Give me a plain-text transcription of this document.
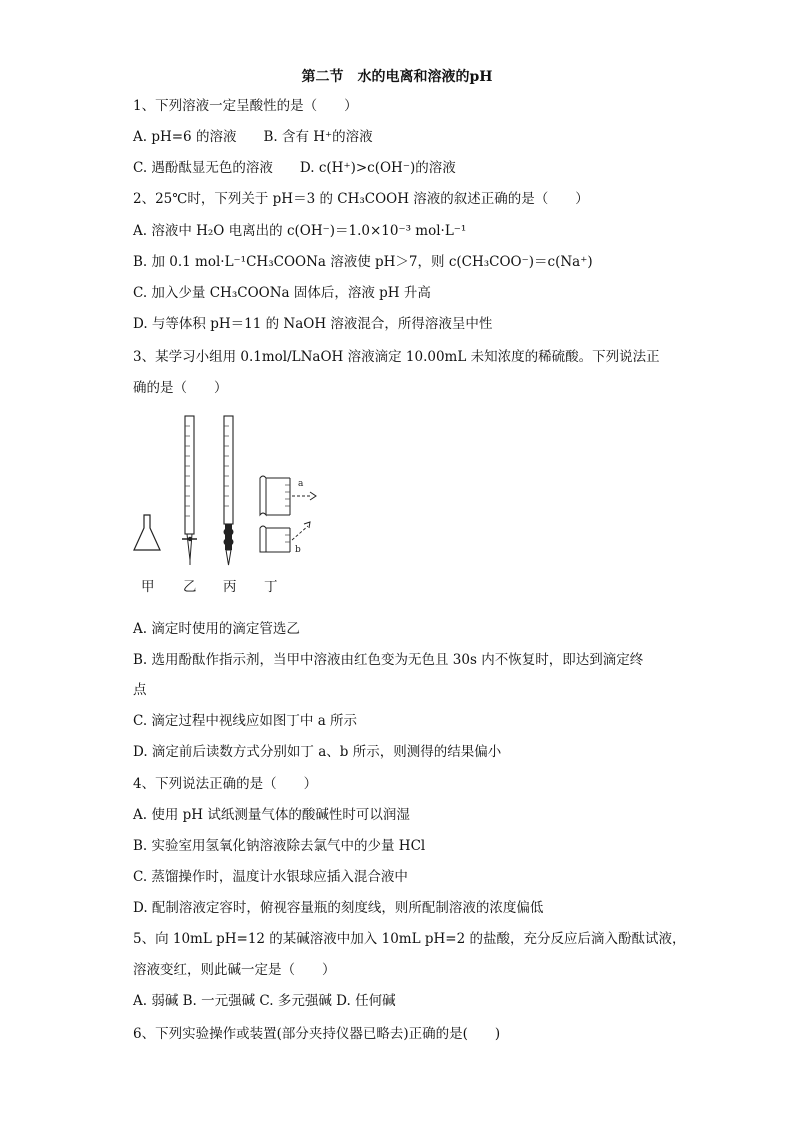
第二节　水的电离和溶液的pH
1、下列溶液一定呈酸性的是（　　）
A. pH=6 的溶液　　B. 含有 H⁺的溶液
C. 遇酚酞显无色的溶液　　D. c(H⁺)>c(OH⁻)的溶液
2、25℃时，下列关于 pH＝3 的 CH₃COOH 溶液的叙述正确的是（　　）
A. 溶液中 H₂O 电离出的 c(OH⁻)＝1.0×10⁻³ mol·L⁻¹
B. 加 0.1 mol·L⁻¹CH₃COONa 溶液使 pH＞7，则 c(CH₃COO⁻)＝c(Na⁺)
C. 加入少量 CH₃COONa 固体后，溶液 pH 升高
D. 与等体积 pH＝11 的 NaOH 溶液混合，所得溶液呈中性
3、某学习小组用 0.1mol/LNaOH 溶液滴定 10.00mL 未知浓度的稀硫酸。下列说法正
确的是（　　）
a
b
甲 乙 丙 丁
A. 滴定时使用的滴定管选乙
B. 选用酚酞作指示剂，当甲中溶液由红色变为无色且 30s 内不恢复时，即达到滴定终
点
C. 滴定过程中视线应如图丁中 a 所示
D. 滴定前后读数方式分别如丁 a、b 所示，则测得的结果偏小
4、下列说法正确的是（　　）
A. 使用 pH 试纸测量气体的酸碱性时可以润湿
B. 实验室用氢氧化钠溶液除去氯气中的少量 HCl
C. 蒸馏操作时，温度计水银球应插入混合液中
D. 配制溶液定容时，俯视容量瓶的刻度线，则所配制溶液的浓度偏低
5、向 10mL pH=12 的某碱溶液中加入 10mL pH=2 的盐酸，充分反应后滴入酚酞试液，
溶液变红，则此碱一定是（　　）
A. 弱碱 B. 一元强碱 C. 多元强碱 D. 任何碱
6、下列实验操作或装置(部分夹持仪器已略去)正确的是(　　)
